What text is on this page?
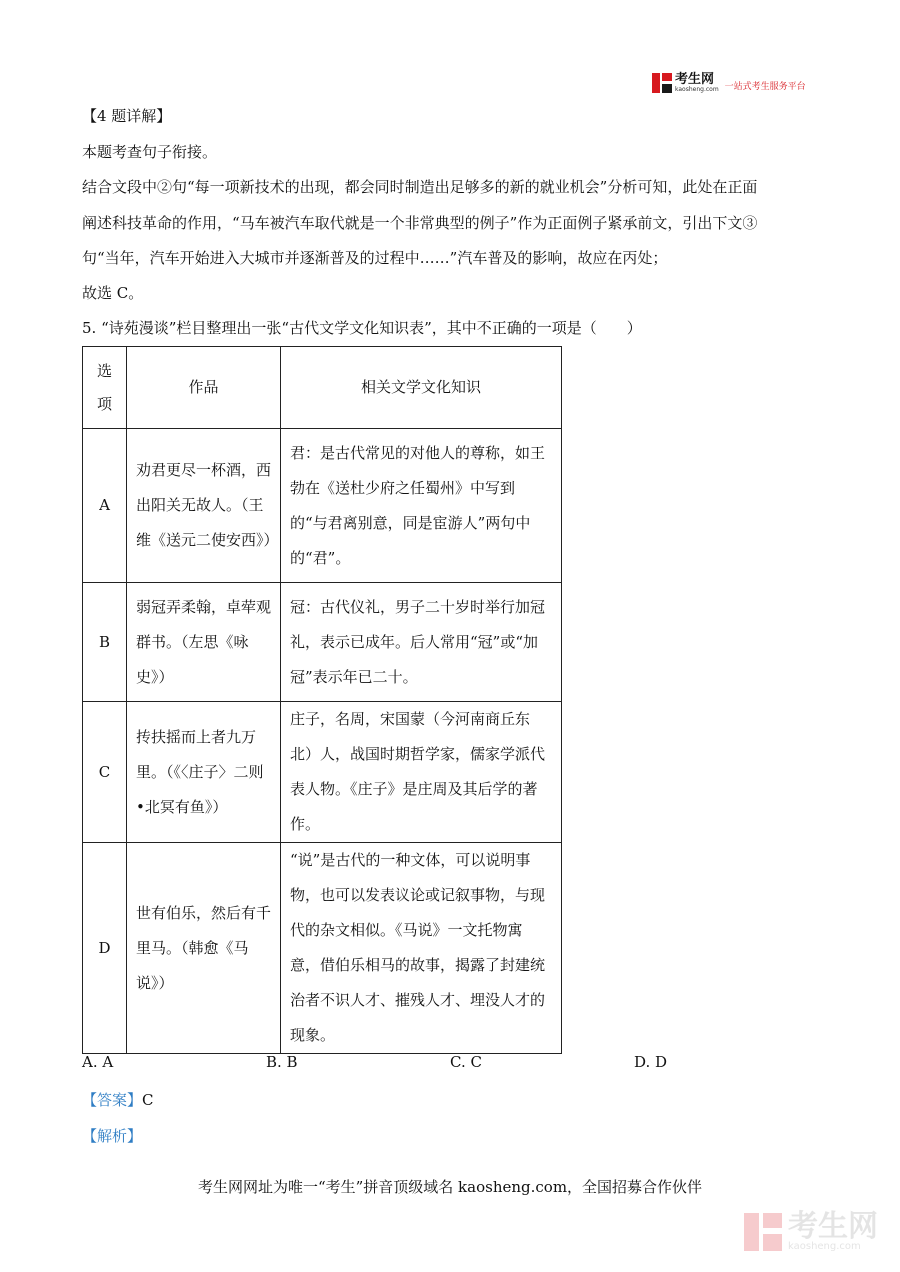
考生网
kaosheng.com 一站式考生服务平台
【4 题详解】
本题考查句子衔接。
结合文段中②句“每一项新技术的出现，都会同时制造出足够多的新的就业机会”分析可知，此处在正面
阐述科技革命的作用，“马车被汽车取代就是一个非常典型的例子”作为正面例子紧承前文，引出下文③
句“当年，汽车开始进入大城市并逐渐普及的过程中……”汽车普及的影响，故应在丙处；
故选 C。
5. “诗苑漫谈”栏目整理出一张“古代文学文化知识表”，其中不正确的一项是（　　）
选项	作品	相关文学文化知识
A	劝君更尽一杯酒，西出阳关无故人。（王维《送元二使安西》）	君：是古代常见的对他人的尊称，如王勃在《送杜少府之任蜀州》中写到的“与君离别意，同是宦游人”两句中的“君”。
B	弱冠弄柔翰，卓荦观群书。（左思《咏史》）	冠：古代仪礼，男子二十岁时举行加冠礼，表示已成年。后人常用“冠”或“加冠”表示年已二十。
C	抟扶摇而上者九万里。（《〈庄子〉二则•北冥有鱼》）	庄子，名周，宋国蒙（今河南商丘东北）人，战国时期哲学家，儒家学派代表人物。《庄子》是庄周及其后学的著作。
D	世有伯乐，然后有千里马。（韩愈《马说》）	“说”是古代的一种文体，可以说明事物，也可以发表议论或记叙事物，与现代的杂文相似。《马说》一文托物寓意，借伯乐相马的故事，揭露了封建统治者不识人才、摧残人才、埋没人才的现象。
A. A	B. B	C. C	D. D
【答案】C
【解析】
考生网网址为唯一“考生”拼音顶级域名 kaosheng.com，全国招募合作伙伴
考生网
kaosheng.com
